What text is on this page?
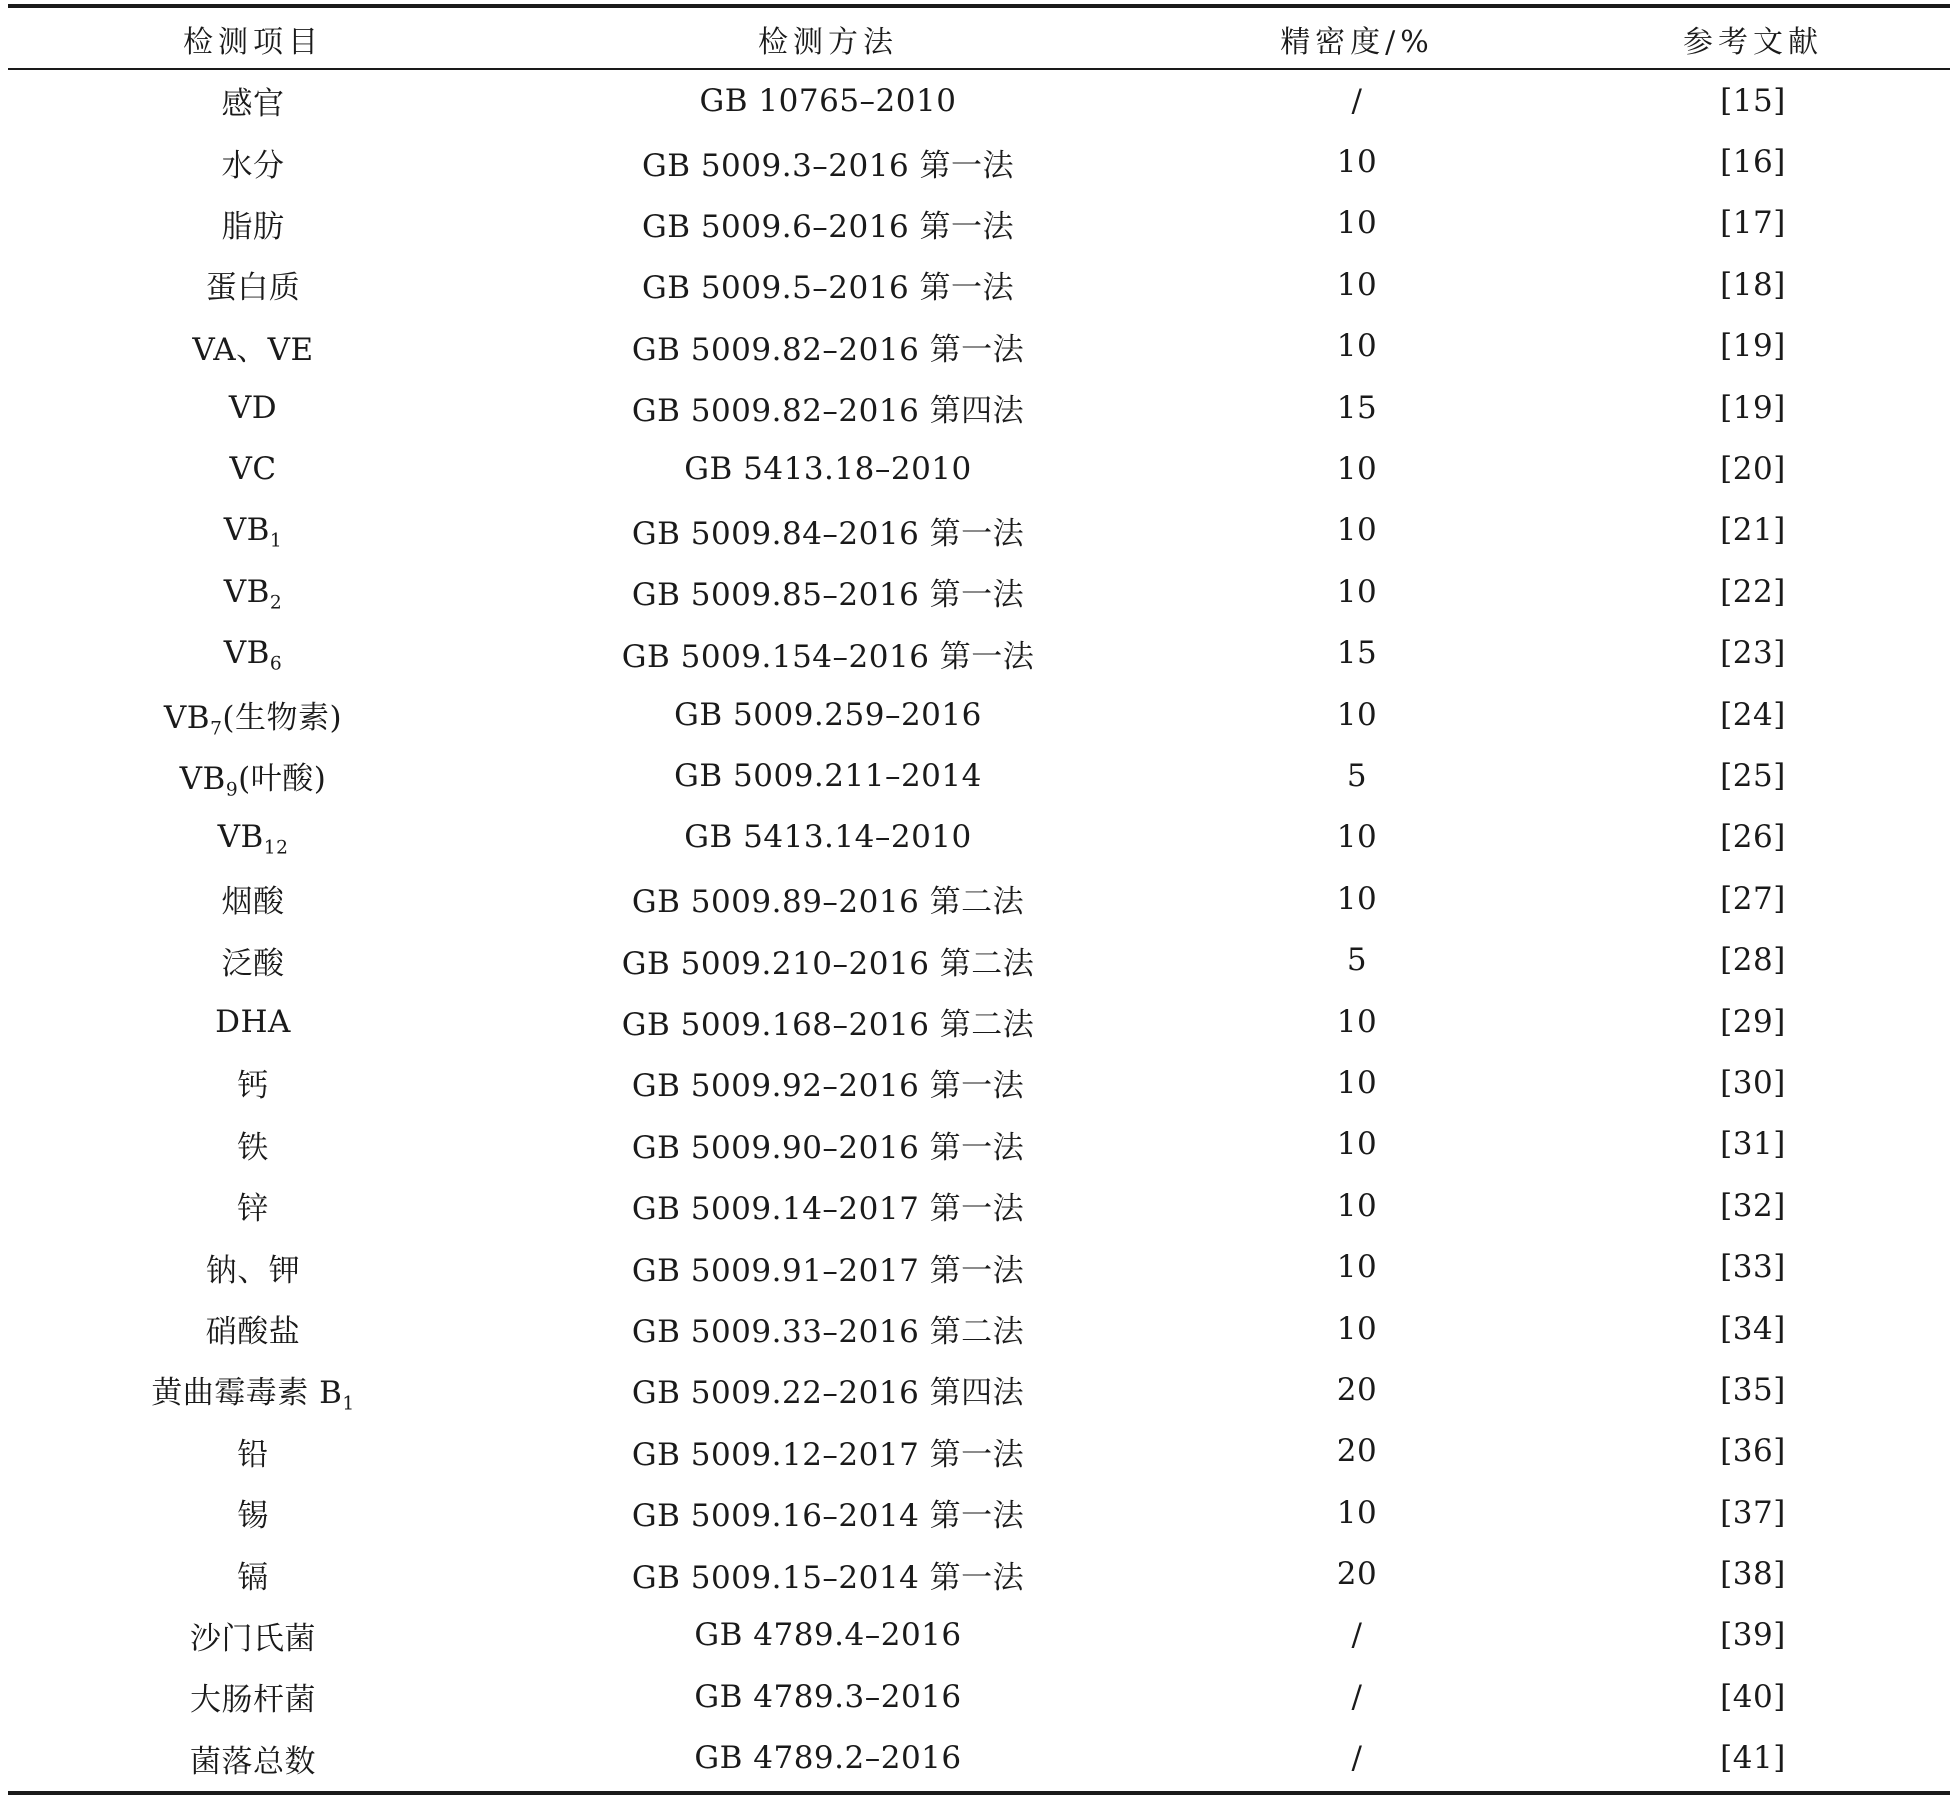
检测项目	检测方法	精密度/%	参考文献
感官	GB 10765–2010	/	[15]
水分	GB 5009.3–2016 第一法	10	[16]
脂肪	GB 5009.6–2016 第一法	10	[17]
蛋白质	GB 5009.5–2016 第一法	10	[18]
VA、VE	GB 5009.82–2016 第一法	10	[19]
VD	GB 5009.82–2016 第四法	15	[19]
VC	GB 5413.18–2010	10	[20]
$VB_1$	GB 5009.84–2016 第一法	10	[21]
$VB_2$	GB 5009.85–2016 第一法	10	[22]
$VB_6$	GB 5009.154–2016 第一法	15	[23]
$VB_7$(生物素)	GB 5009.259–2016	10	[24]
$VB_9$(叶酸)	GB 5009.211–2014	5	[25]
$VB_{12}$	GB 5413.14–2010	10	[26]
烟酸	GB 5009.89–2016 第二法	10	[27]
泛酸	GB 5009.210–2016 第二法	5	[28]
DHA	GB 5009.168–2016 第二法	10	[29]
钙	GB 5009.92–2016 第一法	10	[30]
铁	GB 5009.90–2016 第一法	10	[31]
锌	GB 5009.14–2017 第一法	10	[32]
钠、钾	GB 5009.91–2017 第一法	10	[33]
硝酸盐	GB 5009.33–2016 第二法	10	[34]
黄曲霉毒素 $B_1$	GB 5009.22–2016 第四法	20	[35]
铅	GB 5009.12–2017 第一法	20	[36]
锡	GB 5009.16–2014 第一法	10	[37]
镉	GB 5009.15–2014 第一法	20	[38]
沙门氏菌	GB 4789.4–2016	/	[39]
大肠杆菌	GB 4789.3–2016	/	[40]
菌落总数	GB 4789.2–2016	/	[41]
